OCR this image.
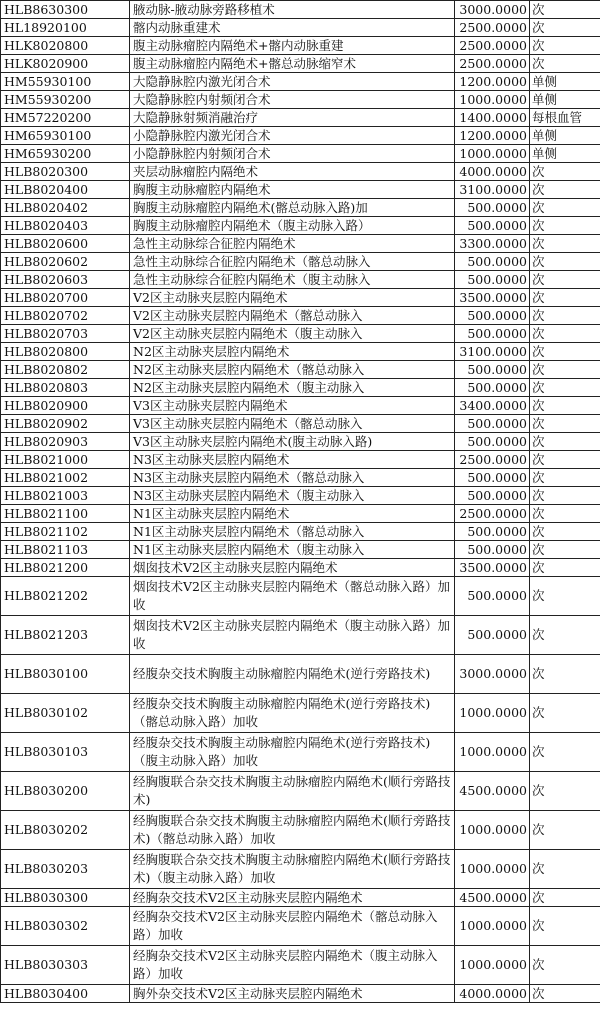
HLB8630300	腋动脉-腋动脉旁路移植术	3000.0000	次
HL18920100	髂内动脉重建术	2500.0000	次
HLK8020800	腹主动脉瘤腔内隔绝术+髂内动脉重建	2500.0000	次
HLK8020900	腹主动脉瘤腔内隔绝术+髂总动脉缩窄术	2500.0000	次
HM55930100	大隐静脉腔内激光闭合术	1200.0000	单侧
HM55930200	大隐静脉腔内射频闭合术	1000.0000	单侧
HM57220200	大隐静脉射频消融治疗	1400.0000	每根血管
HM65930100	小隐静脉腔内激光闭合术	1200.0000	单侧
HM65930200	小隐静脉腔内射频闭合术	1000.0000	单侧
HLB8020300	夹层动脉瘤腔内隔绝术	4000.0000	次
HLB8020400	胸腹主动脉瘤腔内隔绝术	3100.0000	次
HLB8020402	胸腹主动脉瘤腔内隔绝术(髂总动脉入路)加	500.0000	次
HLB8020403	胸腹主动脉瘤腔内隔绝术（腹主动脉入路）	500.0000	次
HLB8020600	急性主动脉综合征腔内隔绝术	3300.0000	次
HLB8020602	急性主动脉综合征腔内隔绝术（髂总动脉入	500.0000	次
HLB8020603	急性主动脉综合征腔内隔绝术（腹主动脉入	500.0000	次
HLB8020700	V2区主动脉夹层腔内隔绝术	3500.0000	次
HLB8020702	V2区主动脉夹层腔内隔绝术（髂总动脉入	500.0000	次
HLB8020703	V2区主动脉夹层腔内隔绝术（腹主动脉入	500.0000	次
HLB8020800	N2区主动脉夹层腔内隔绝术	3100.0000	次
HLB8020802	N2区主动脉夹层腔内隔绝术（髂总动脉入	500.0000	次
HLB8020803	N2区主动脉夹层腔内隔绝术（腹主动脉入	500.0000	次
HLB8020900	V3区主动脉夹层腔内隔绝术	3400.0000	次
HLB8020902	V3区主动脉夹层腔内隔绝术（髂总动脉入	500.0000	次
HLB8020903	V3区主动脉夹层腔内隔绝术(腹主动脉入路)	500.0000	次
HLB8021000	N3区主动脉夹层腔内隔绝术	2500.0000	次
HLB8021002	N3区主动脉夹层腔内隔绝术（髂总动脉入	500.0000	次
HLB8021003	N3区主动脉夹层腔内隔绝术（腹主动脉入	500.0000	次
HLB8021100	N1区主动脉夹层腔内隔绝术	2500.0000	次
HLB8021102	N1区主动脉夹层腔内隔绝术（髂总动脉入	500.0000	次
HLB8021103	N1区主动脉夹层腔内隔绝术（腹主动脉入	500.0000	次
HLB8021200	烟囱技术V2区主动脉夹层腔内隔绝术	3500.0000	次
HLB8021202	烟囱技术V2区主动脉夹层腔内隔绝术（髂总动脉入路）加收	500.0000	次
HLB8021203	烟囱技术V2区主动脉夹层腔内隔绝术（腹主动脉入路）加收	500.0000	次
HLB8030100	经腹杂交技术胸腹主动脉瘤腔内隔绝术(逆行旁路技术)	3000.0000	次
HLB8030102	经腹杂交技术胸腹主动脉瘤腔内隔绝术(逆行旁路技术)（髂总动脉入路）加收	1000.0000	次
HLB8030103	经腹杂交技术胸腹主动脉瘤腔内隔绝术(逆行旁路技术)（腹主动脉入路）加收	1000.0000	次
HLB8030200	经胸腹联合杂交技术胸腹主动脉瘤腔内隔绝术(顺行旁路技术)	4500.0000	次
HLB8030202	经胸腹联合杂交技术胸腹主动脉瘤腔内隔绝术(顺行旁路技术)（髂总动脉入路）加收	1000.0000	次
HLB8030203	经胸腹联合杂交技术胸腹主动脉瘤腔内隔绝术(顺行旁路技术)（腹主动脉入路）加收	1000.0000	次
HLB8030300	经胸杂交技术V2区主动脉夹层腔内隔绝术	4500.0000	次
HLB8030302	经胸杂交技术V2区主动脉夹层腔内隔绝术（髂总动脉入路）加收	1000.0000	次
HLB8030303	经胸杂交技术V2区主动脉夹层腔内隔绝术（腹主动脉入路）加收	1000.0000	次
HLB8030400	胸外杂交技术V2区主动脉夹层腔内隔绝术	4000.0000	次
